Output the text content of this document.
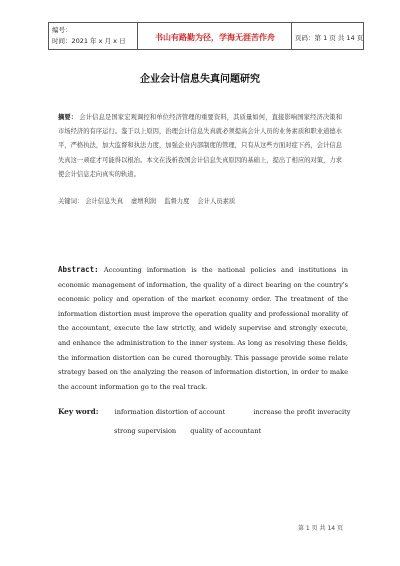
编号：
时间：2021 年 x 月 x 日	书山有路勤为径，学海无涯苦作舟	页码：第 1 页 共 14 页
企业会计信息失真问题研究
摘要： 会计信息是国家宏观调控和单位经济管理的重要资料，其质量如何，直接影响国家经济决策和市场经济的有序运行。鉴于以上原因，治理会计信息失真就必须提高会计人员的业务素质和职业道德水平，严格执法，加大监督和执法力度，加强企业内部制度的管理，只有从这些方面对症下药，会计信息失真这一顽症才可能得以根治。本文在浅析我国会计信息失真原因的基础上，提出了相应的对策，力求使会计信息走向真实的轨道。
关键词： 会计信息失真 虚增利润 监督力度 会计人员素质
Abstract: Accounting information is the national policies and institutions in economic management of information, the quality of a direct bearing on the country's economic policy and operation of the market economy order. The treatment of the information distortion must improve the operation quality and professional morality of the accountant, execute the law strictly, and widely supervise and strongly execute, and enhance the administration to the inner system. As long as resolving these fields, the information distortion can be cured thoroughly. This passage provide some relate strategy based on the analyzing the reason of information distortion, in order to make the account information go to the real track.
Key word: information distortion of account	increase the profit inveracity
strong supervision quality of accountant
第 1 页 共 14 页
